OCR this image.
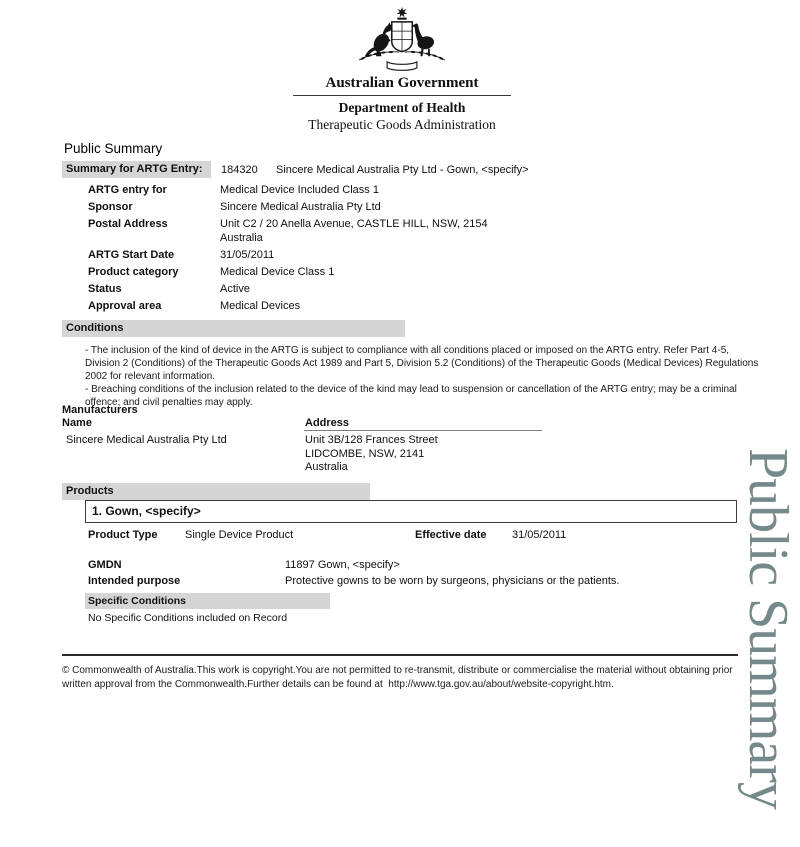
Australian Government
Department of Health
Therapeutic Goods Administration
Public Summary
Summary for ARTG Entry:	184320	Sincere Medical Australia Pty Ltd - Gown, <specify>
ARTG entry for	Medical Device Included Class 1
Sponsor	Sincere Medical Australia Pty Ltd
Postal Address	Unit C2 / 20 Anella Avenue, CASTLE HILL, NSW, 2154
Australia
ARTG Start Date	31/05/2011
Product category	Medical Device Class 1
Status	Active
Approval area	Medical Devices
Conditions
- The inclusion of the kind of device in the ARTG is subject to compliance with all conditions placed or imposed on the ARTG entry. Refer Part 4-5,
Division 2 (Conditions) of the Therapeutic Goods Act 1989 and Part 5, Division 5.2 (Conditions) of the Therapeutic Goods (Medical Devices) Regulations
2002 for relevant information.
- Breaching conditions of the inclusion related to the device of the kind may lead to suspension or cancellation of the ARTG entry; may be a criminal
offence; and civil penalties may apply.
Manufacturers
Name	Address
Sincere Medical Australia Pty Ltd	Unit 3B/128 Frances Street
LIDCOMBE, NSW, 2141
Australia
Products
1. Gown, <specify>
Product Type	Single Device Product	Effective date	31/05/2011
GMDN	11897 Gown, <specify>
Intended purpose	Protective gowns to be worn by surgeons, physicians or the patients.
Specific Conditions
No Specific Conditions included on Record
© Commonwealth of Australia.This work is copyright.You are not permitted to re-transmit, distribute or commercialise the material without obtaining prior
written approval from the Commonwealth.Further details can be found at  http://www.tga.gov.au/about/website-copyright.htm.	Public Summary
